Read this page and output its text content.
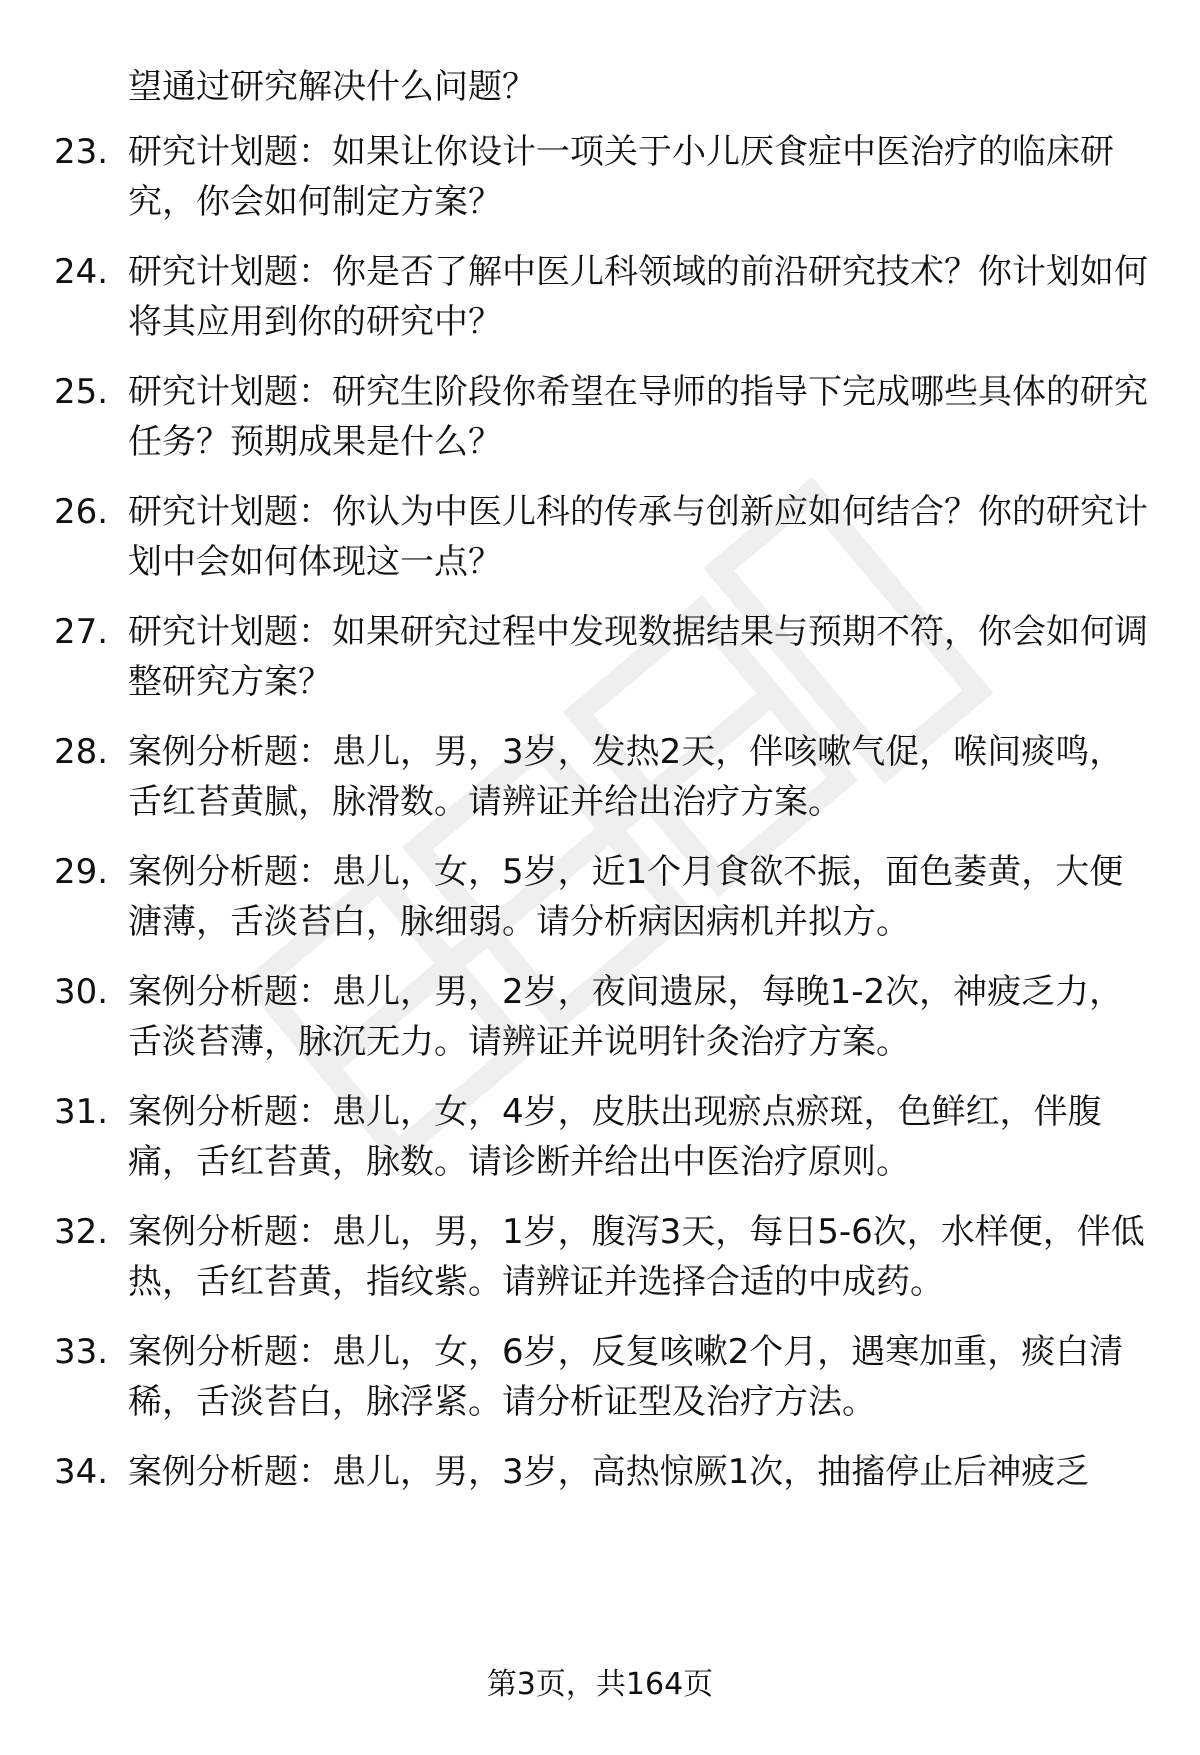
望通过研究解决什么问题？

23. 研究计划题：如果让你设计一项关于小儿厌食症中医治疗的临床研究，你会如何制定方案？

24. 研究计划题：你是否了解中医儿科领域的前沿研究技术？你计划如何将其应用到你的研究中？

25. 研究计划题：研究生阶段你希望在导师的指导下完成哪些具体的研究任务？预期成果是什么？

26. 研究计划题：你认为中医儿科的传承与创新应如何结合？你的研究计划中会如何体现这一点？

27. 研究计划题：如果研究过程中发现数据结果与预期不符，你会如何调整研究方案？

28. 案例分析题：患儿，男，3岁，发热2天，伴咳嗽气促，喉间痰鸣，舌红苔黄腻，脉滑数。请辨证并给出治疗方案。

29. 案例分析题：患儿，女，5岁，近1个月食欲不振，面色萎黄，大便溏薄，舌淡苔白，脉细弱。请分析病因病机并拟方。

30. 案例分析题：患儿，男，2岁，夜间遗尿，每晚1-2次，神疲乏力，舌淡苔薄，脉沉无力。请辨证并说明针灸治疗方案。

31. 案例分析题：患儿，女，4岁，皮肤出现瘀点瘀斑，色鲜红，伴腹痛，舌红苔黄，脉数。请诊断并给出中医治疗原则。

32. 案例分析题：患儿，男，1岁，腹泻3天，每日5-6次，水样便，伴低热，舌红苔黄，指纹紫。请辨证并选择合适的中成药。

33. 案例分析题：患儿，女，6岁，反复咳嗽2个月，遇寒加重，痰白清稀，舌淡苔白，脉浮紧。请分析证型及治疗方法。

34. 案例分析题：患儿，男，3岁，高热惊厥1次，抽搐停止后神疲乏

第3页，共164页
